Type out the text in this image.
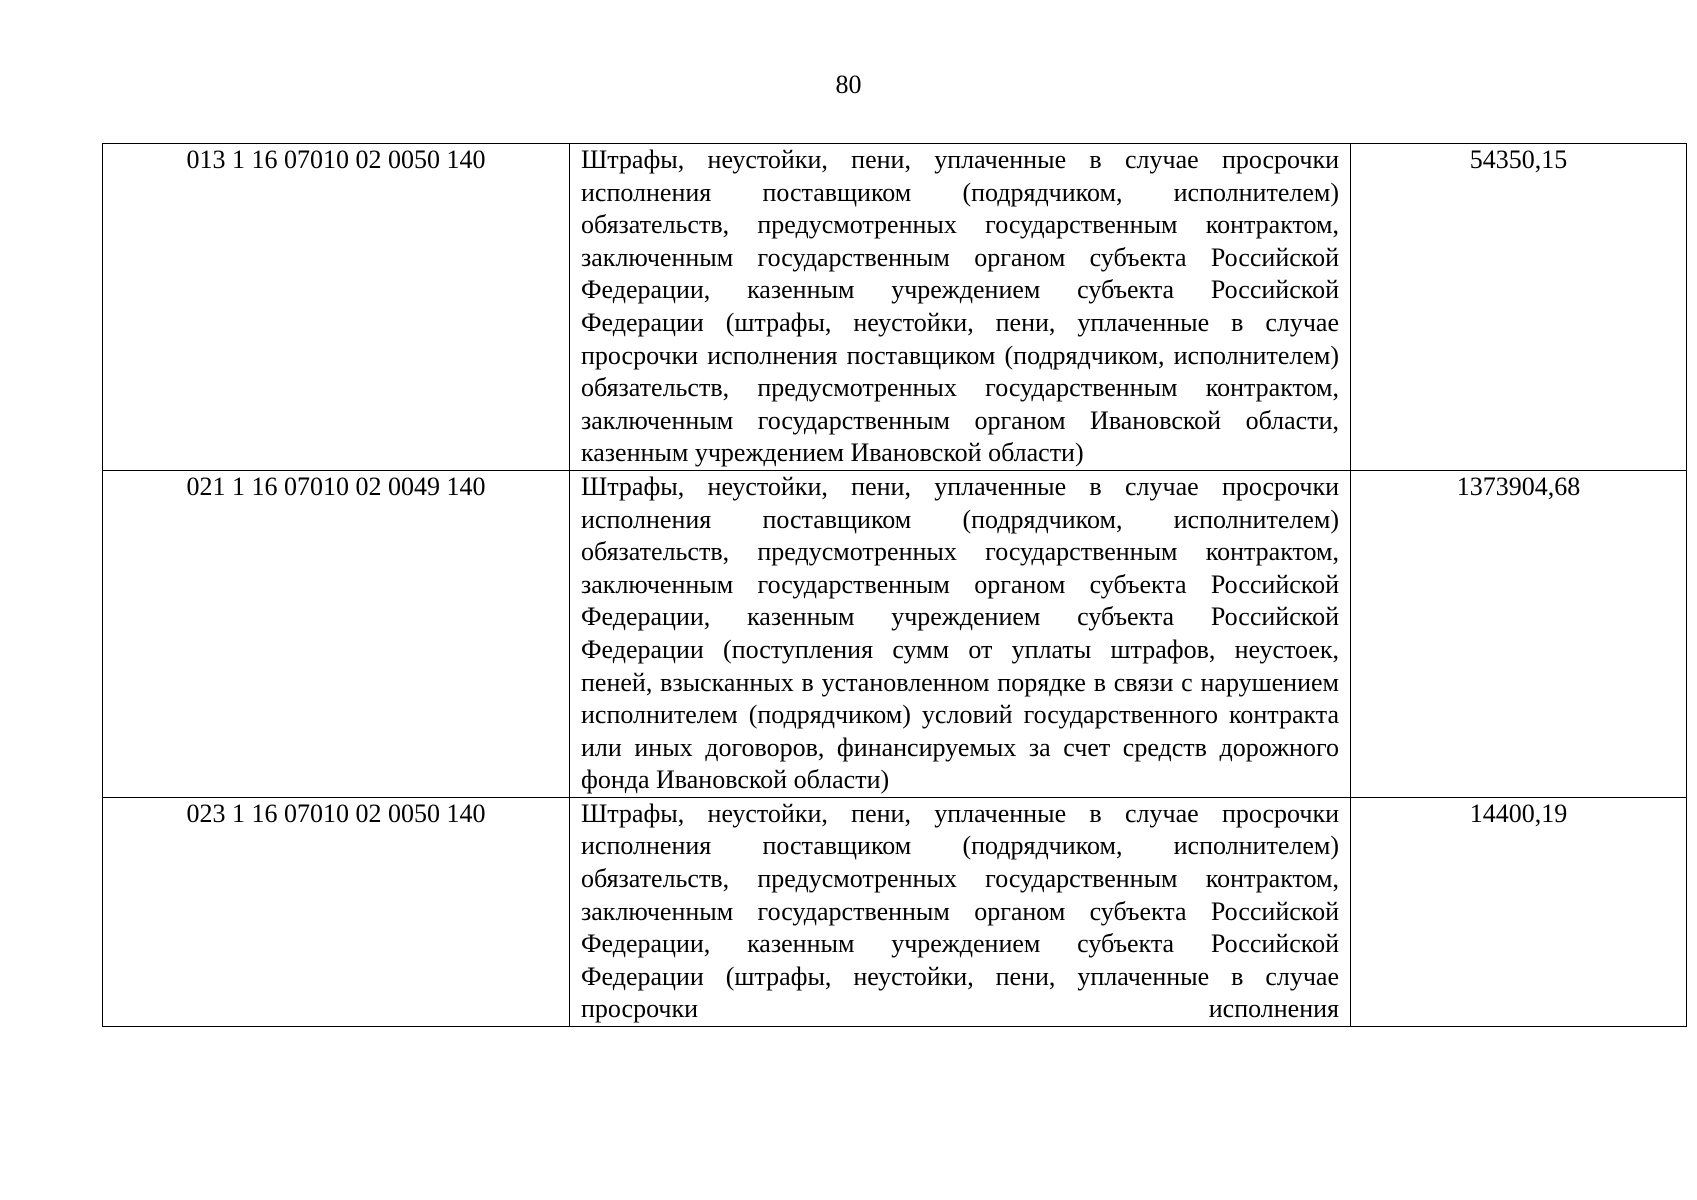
80
013 1 16 07010 02 0050 140	Штрафы, неустойки, пени, уплаченные в случае просрочки исполнения поставщиком (подрядчиком, исполнителем) обязательств, предусмотренных государственным контрактом, заключенным государственным органом субъекта Российской Федерации, казенным учреждением субъекта Российской Федерации (штрафы, неустойки, пени, уплаченные в случае просрочки исполнения поставщиком (подрядчиком, исполнителем) обязательств, предусмотренных государственным контрактом, заключенным государственным органом Ивановской области, казенным учреждением Ивановской области)	54350,15
021 1 16 07010 02 0049 140	Штрафы, неустойки, пени, уплаченные в случае просрочки исполнения поставщиком (подрядчиком, исполнителем) обязательств, предусмотренных государственным контрактом, заключенным государственным органом субъекта Российской Федерации, казенным учреждением субъекта Российской Федерации (поступления сумм от уплаты штрафов, неустоек, пеней, взысканных в установленном порядке в связи с нарушением исполнителем (подрядчиком) условий государственного контракта или иных договоров, финансируемых за счет средств дорожного фонда Ивановской области)	1373904,68
023 1 16 07010 02 0050 140	Штрафы, неустойки, пени, уплаченные в случае просрочки исполнения поставщиком (подрядчиком, исполнителем) обязательств, предусмотренных государственным контрактом, заключенным государственным органом субъекта Российской Федерации, казенным учреждением субъекта Российской Федерации (штрафы, неустойки, пени, уплаченные в случае просрочки исполнения	14400,19
